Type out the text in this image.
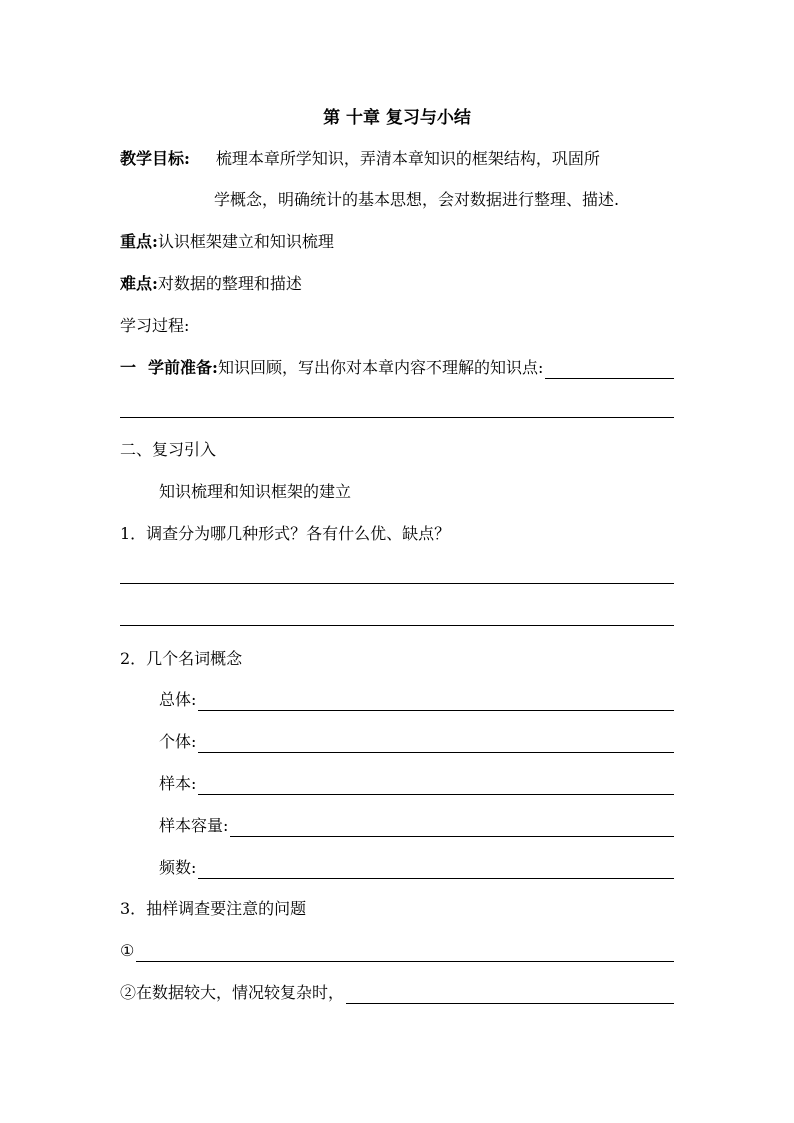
第 十章 复习与小结
教学目标: 梳理本章所学知识，弄清本章知识的框架结构，巩固所
学概念，明确统计的基本思想，会对数据进行整理、描述.
重点: 认识框架建立和知识梳理
难点: 对数据的整理和描述
学习过程:
一 学前准备: 知识回顾，写出你对本章内容不理解的知识点:
二、复习引入
知识梳理和知识框架的建立
1．调查分为哪几种形式？各有什么优、缺点？
2．几个名词概念
总体:
个体:
样本:
样本容量:
频数:
3．抽样调查要注意的问题
①
②在数据较大，情况较复杂时，
